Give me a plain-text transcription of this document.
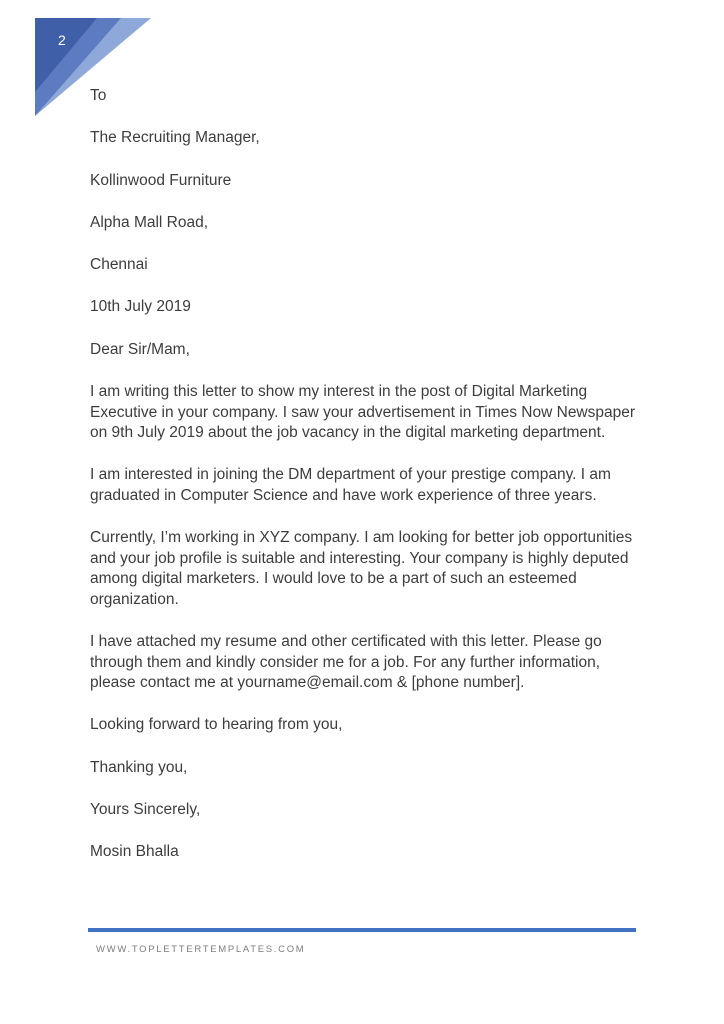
2
To
The Recruiting Manager,
Kollinwood Furniture
Alpha Mall Road,
Chennai
10th July 2019
Dear Sir/Mam,

I am writing this letter to show my interest in the post of Digital Marketing Executive in your company. I saw your advertisement in Times Now Newspaper on 9th July 2019 about the job vacancy in the digital marketing department.

I am interested in joining the DM department of your prestige company. I am graduated in Computer Science and have work experience of three years.

Currently, I’m working in XYZ company. I am looking for better job opportunities and your job profile is suitable and interesting. Your company is highly deputed among digital marketers. I would love to be a part of such an esteemed organization.

I have attached my resume and other certificated with this letter. Please go through them and kindly consider me for a job. For any further information, please contact me at yourname@email.com & [phone number].

Looking forward to hearing from you,
Thanking you,
Yours Sincerely,
Mosin Bhalla
WWW.TOPLETTERTEMPLATES.COM
